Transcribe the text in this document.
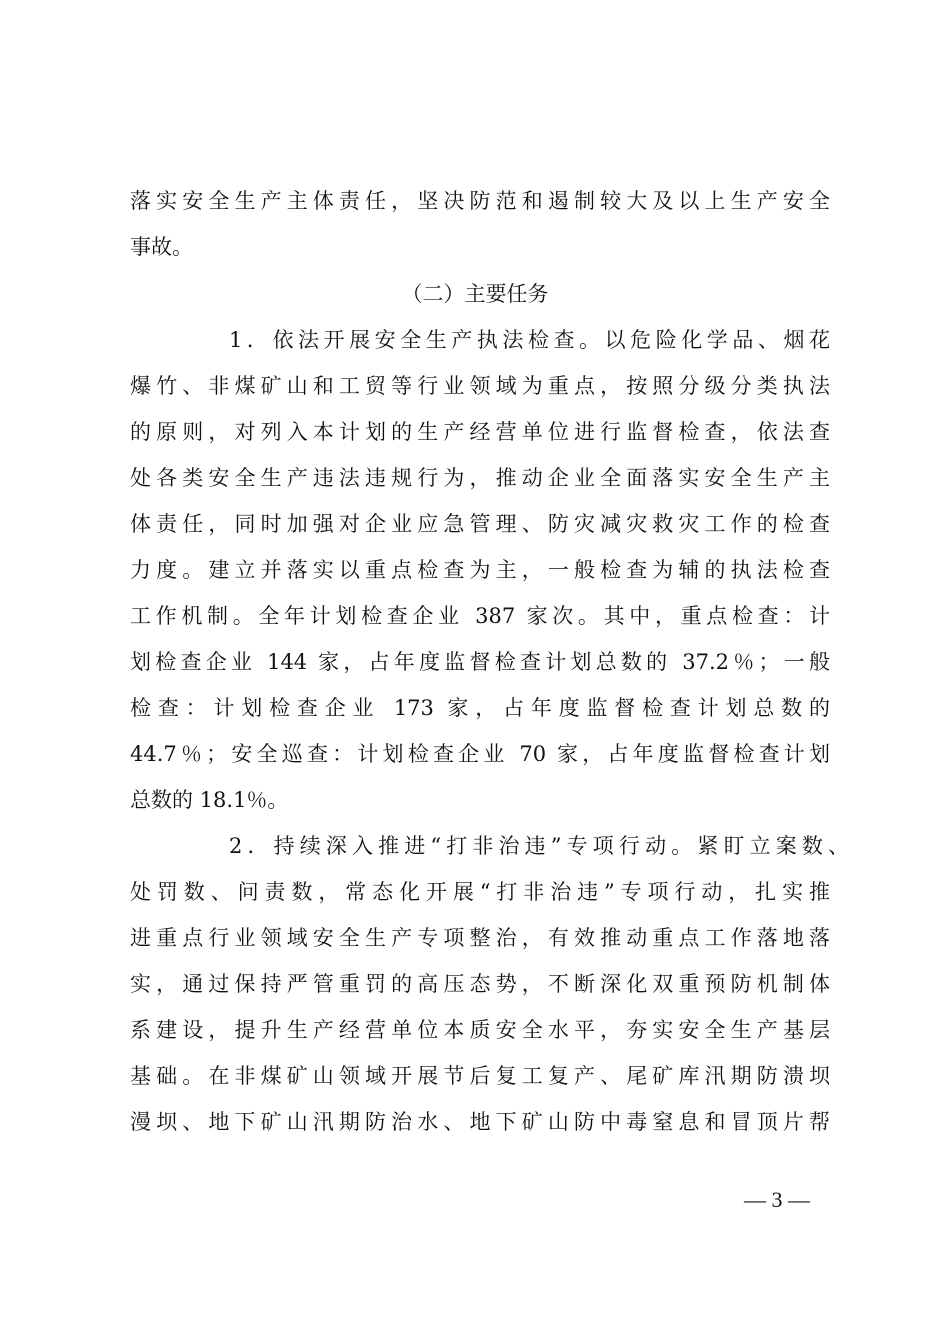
落实安全生产主体责任，坚决防范和遏制较大及以上生产安全
事故。
（二）主要任务
1．依法开展安全生产执法检查。以危险化学品、烟花
爆竹、非煤矿山和工贸等行业领域为重点，按照分级分类执法
的原则，对列入本计划的生产经营单位进行监督检查，依法查
处各类安全生产违法违规行为，推动企业全面落实安全生产主
体责任，同时加强对企业应急管理、防灾减灾救灾工作的检查
力度。建立并落实以重点检查为主，一般检查为辅的执法检查
工作机制。全年计划检查企业 387 家次。其中，重点检查：计
划检查企业 144 家，占年度监督检查计划总数的 37.2％；一般
检查：计划检查企业 173 家，占年度监督检查计划总数的
44.7％；安全巡查：计划检查企业 70 家，占年度监督检查计划
总数的 18.1％。
2．持续深入推进“打非治违”专项行动。紧盯立案数、
处罚数、问责数，常态化开展“打非治违”专项行动，扎实推
进重点行业领域安全生产专项整治，有效推动重点工作落地落
实，通过保持严管重罚的高压态势，不断深化双重预防机制体
系建设，提升生产经营单位本质安全水平，夯实安全生产基层
基础。在非煤矿山领域开展节后复工复产、尾矿库汛期防溃坝
漫坝、地下矿山汛期防治水、地下矿山防中毒窒息和冒顶片帮
— 3 —
